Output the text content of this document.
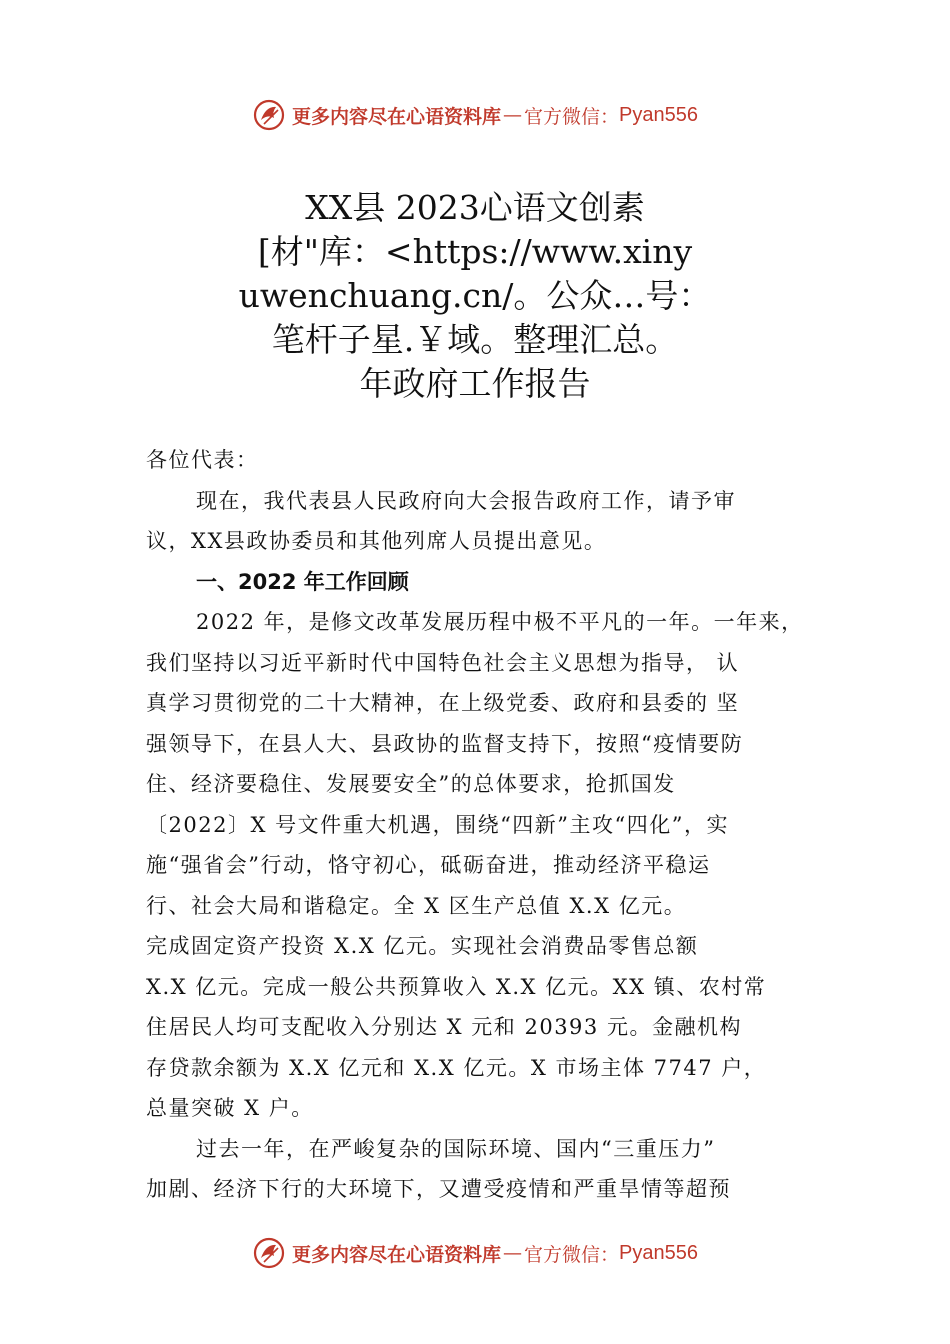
更多内容尽在心语资料库 — 官方微信： Pyan556
XX县 2023心语文创素
[材"库：<https://www.xiny
uwenchuang.cn/。公众…号：
笔杆子星.￥域。整理汇总。
年政府工作报告
各位代表：
现在，我代表县人民政府向大会报告政府工作，请予审
议，XX县政协委员和其他列席人员提出意见。
一、2022 年工作回顾
2022 年，是修文改革发展历程中极不平凡的一年。一年来，
我们坚持以习近平新时代中国特色社会主义思想为指导， 认
真学习贯彻党的二十大精神，在上级党委、政府和县委的 坚
强领导下，在县人大、县政协的监督支持下，按照“疫情要防
住、经济要稳住、发展要安全”的总体要求，抢抓国发
〔2022〕X 号文件重大机遇，围绕“四新”主攻“四化”，实
施“强省会”行动，恪守初心，砥砺奋进，推动经济平稳运
行、社会大局和谐稳定。全 X 区生产总值 X.X 亿元。
完成固定资产投资 X.X 亿元。实现社会消费品零售总额
X.X 亿元。完成一般公共预算收入 X.X 亿元。XX 镇、农村常
住居民人均可支配收入分别达 X 元和 20393 元。金融机构
存贷款余额为 X.X 亿元和 X.X 亿元。X 市场主体 7747 户，
总量突破 X 户。
过去一年，在严峻复杂的国际环境、国内“三重压力”
加剧、经济下行的大环境下，又遭受疫情和严重旱情等超预
更多内容尽在心语资料库 — 官方微信： Pyan556
